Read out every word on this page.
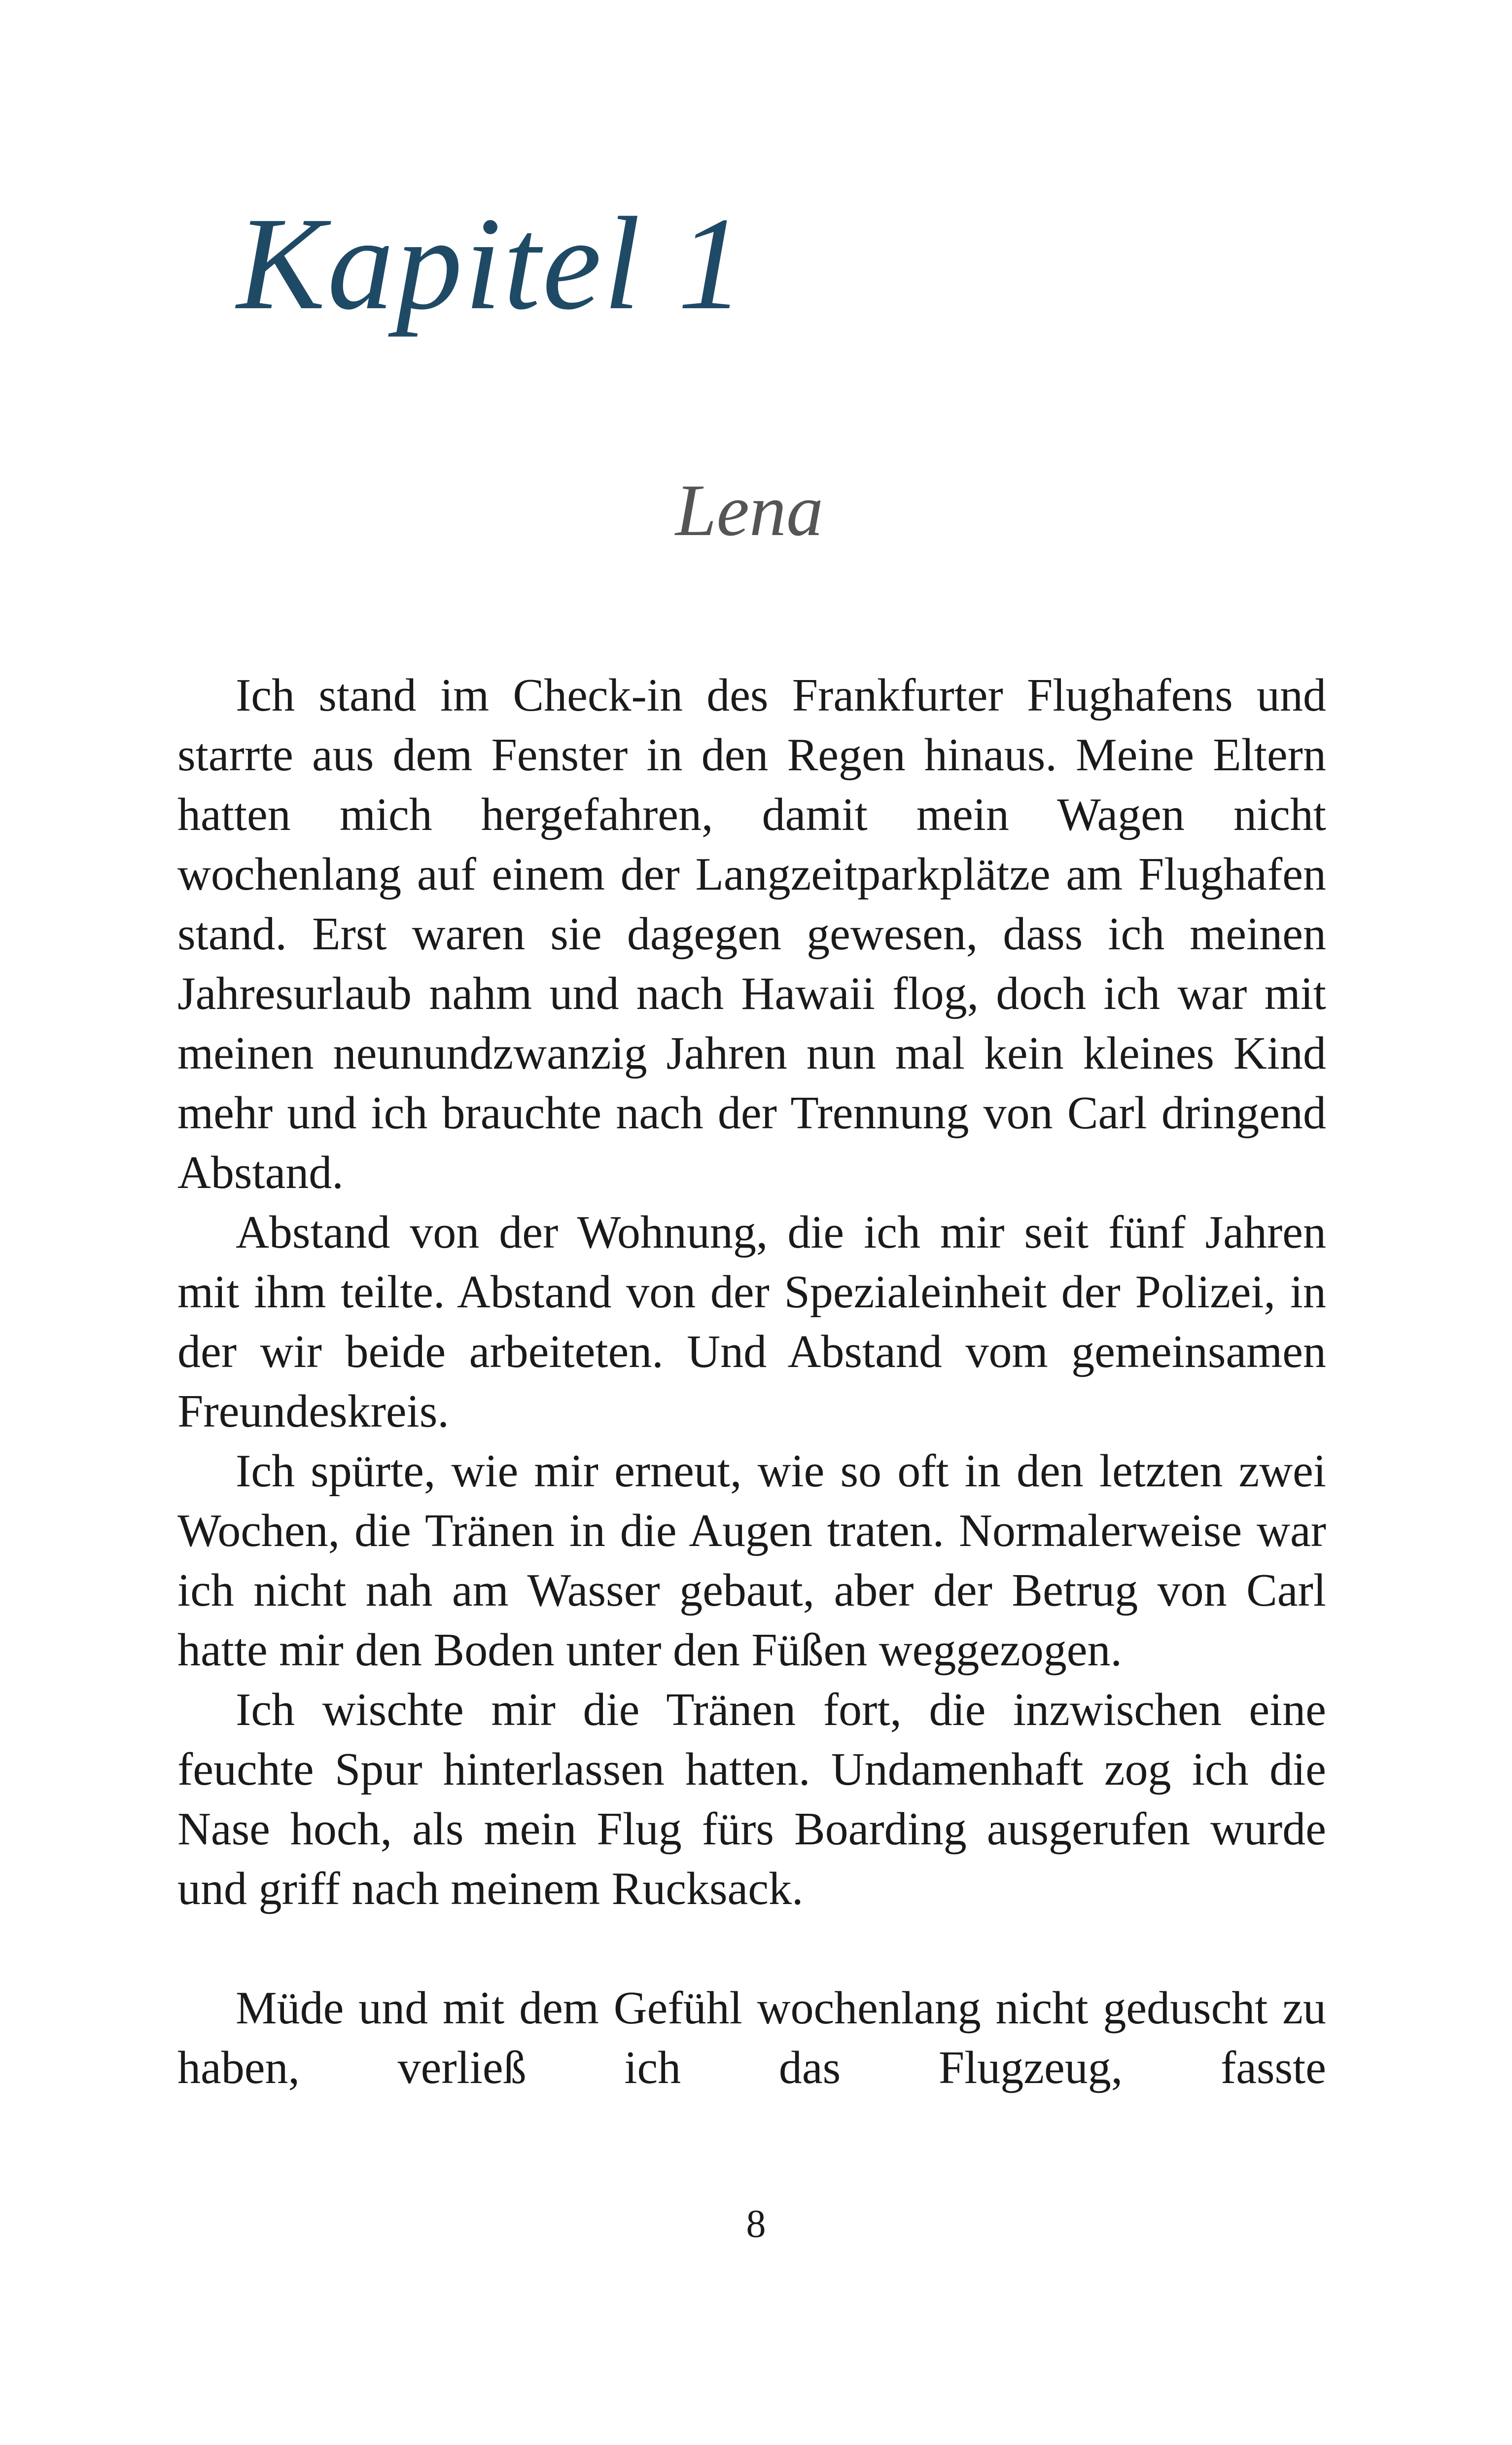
Kapitel 1
Lena

Ich stand im Check-in des Frankfurter Flughafens und starrte aus dem Fenster in den Regen hinaus. Meine Eltern hatten mich hergefahren, damit mein Wagen nicht wochenlang auf einem der Langzeitparkplätze am Flughafen stand. Erst waren sie dagegen gewesen, dass ich meinen Jahresurlaub nahm und nach Hawaii flog, doch ich war mit meinen neunundzwanzig Jahren nun mal kein kleines Kind mehr und ich brauchte nach der Trennung von Carl dringend Abstand.

Abstand von der Wohnung, die ich mir seit fünf Jahren mit ihm teilte. Abstand von der Spezialeinheit der Polizei, in der wir beide arbeiteten. Und Abstand vom gemeinsamen Freundeskreis.

Ich spürte, wie mir erneut, wie so oft in den letzten zwei Wochen, die Tränen in die Augen traten. Normalerweise war ich nicht nah am Wasser gebaut, aber der Betrug von Carl hatte mir den Boden unter den Füßen weggezogen.

Ich wischte mir die Tränen fort, die inzwischen eine feuchte Spur hinterlassen hatten. Undamenhaft zog ich die Nase hoch, als mein Flug fürs Boarding ausgerufen wurde und griff nach meinem Rucksack.

Müde und mit dem Gefühl wochenlang nicht geduscht zu haben, verließ ich das Flugzeug, fasste

8
